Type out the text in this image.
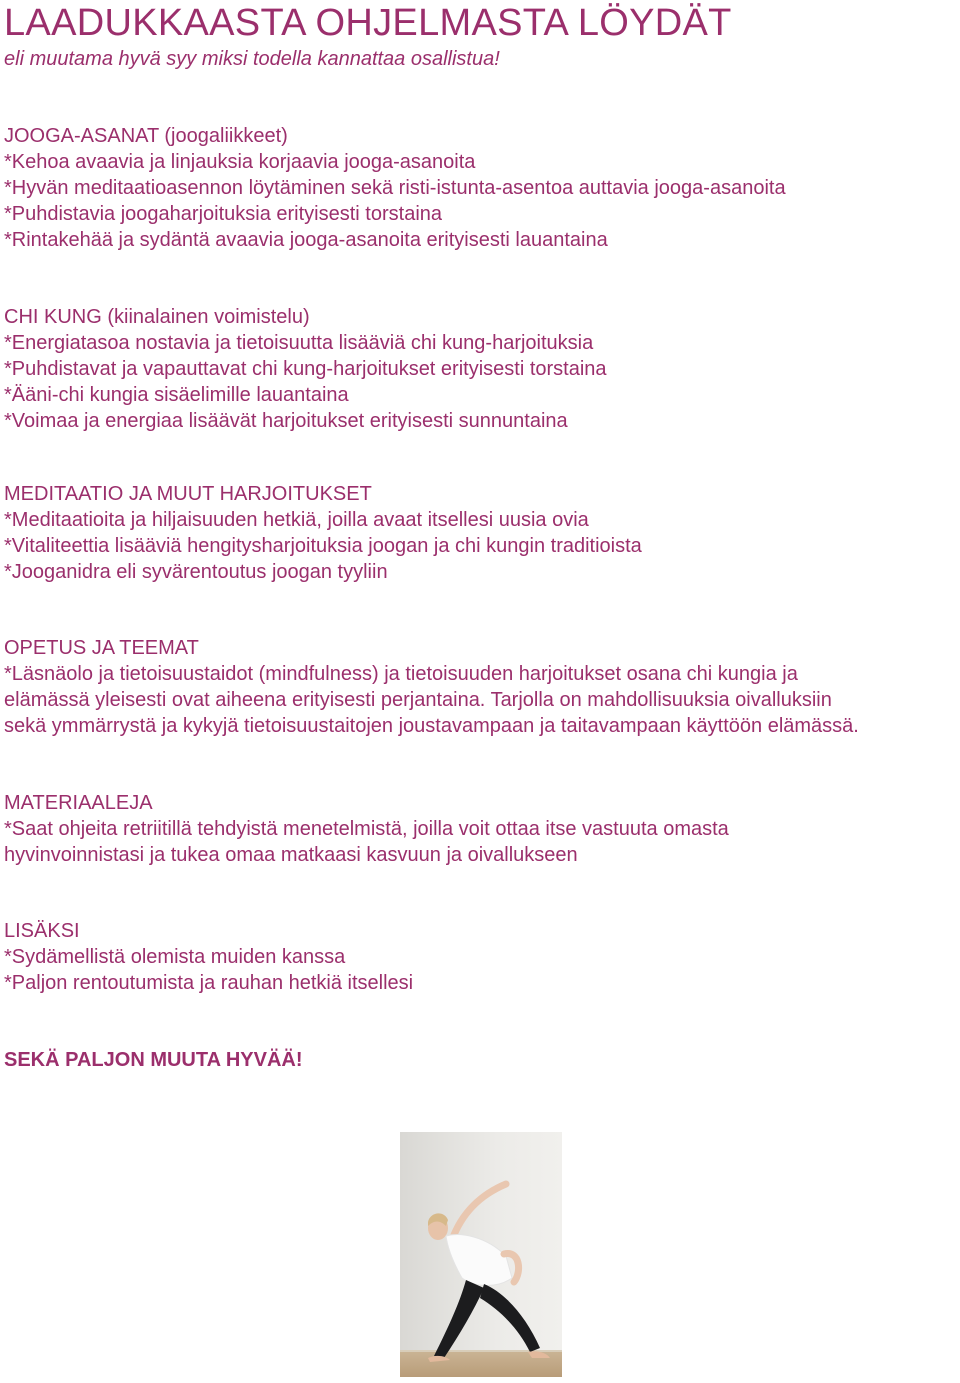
LAADUKKAASTA OHJELMASTA LÖYDÄT

eli muutama hyvä syy miksi todella kannattaa osallistua!

JOOGA-ASANAT (joogaliikkeet)

*Kehoa avaavia ja linjauksia korjaavia jooga-asanoita

*Hyvän meditaatioasennon löytäminen sekä risti-istunta-asentoa auttavia jooga-asanoita

*Puhdistavia joogaharjoituksia erityisesti torstaina

*Rintakehää ja sydäntä avaavia jooga-asanoita erityisesti lauantaina

CHI KUNG (kiinalainen voimistelu)

*Energiatasoa nostavia ja tietoisuutta lisääviä chi kung-harjoituksia

*Puhdistavat ja vapauttavat chi kung-harjoitukset erityisesti torstaina

*Ääni-chi kungia sisäelimille lauantaina

*Voimaa ja energiaa lisäävät harjoitukset erityisesti sunnuntaina

MEDITAATIO JA MUUT HARJOITUKSET

*Meditaatioita ja hiljaisuuden hetkiä, joilla avaat itsellesi uusia ovia

*Vitaliteettia lisääviä hengitysharjoituksia joogan ja chi kungin traditioista

*Jooganidra eli syvärentoutus joogan tyyliin

OPETUS JA TEEMAT

*Läsnäolo ja tietoisuustaidot (mindfulness) ja tietoisuuden harjoitukset osana chi kungia ja

elämässä yleisesti ovat aiheena erityisesti perjantaina. Tarjolla on mahdollisuuksia oivalluksiin

sekä ymmärrystä ja kykyjä tietoisuustaitojen joustavampaan ja taitavampaan käyttöön elämässä.

MATERIAALEJA

*Saat ohjeita retriitillä tehdyistä menetelmistä, joilla voit ottaa itse vastuuta omasta

hyvinvoinnistasi ja tukea omaa matkaasi kasvuun ja oivallukseen

LISÄKSI

*Sydämellistä olemista muiden kanssa

*Paljon rentoutumista ja rauhan hetkiä itsellesi

SEKÄ PALJON MUUTA HYVÄÄ!
